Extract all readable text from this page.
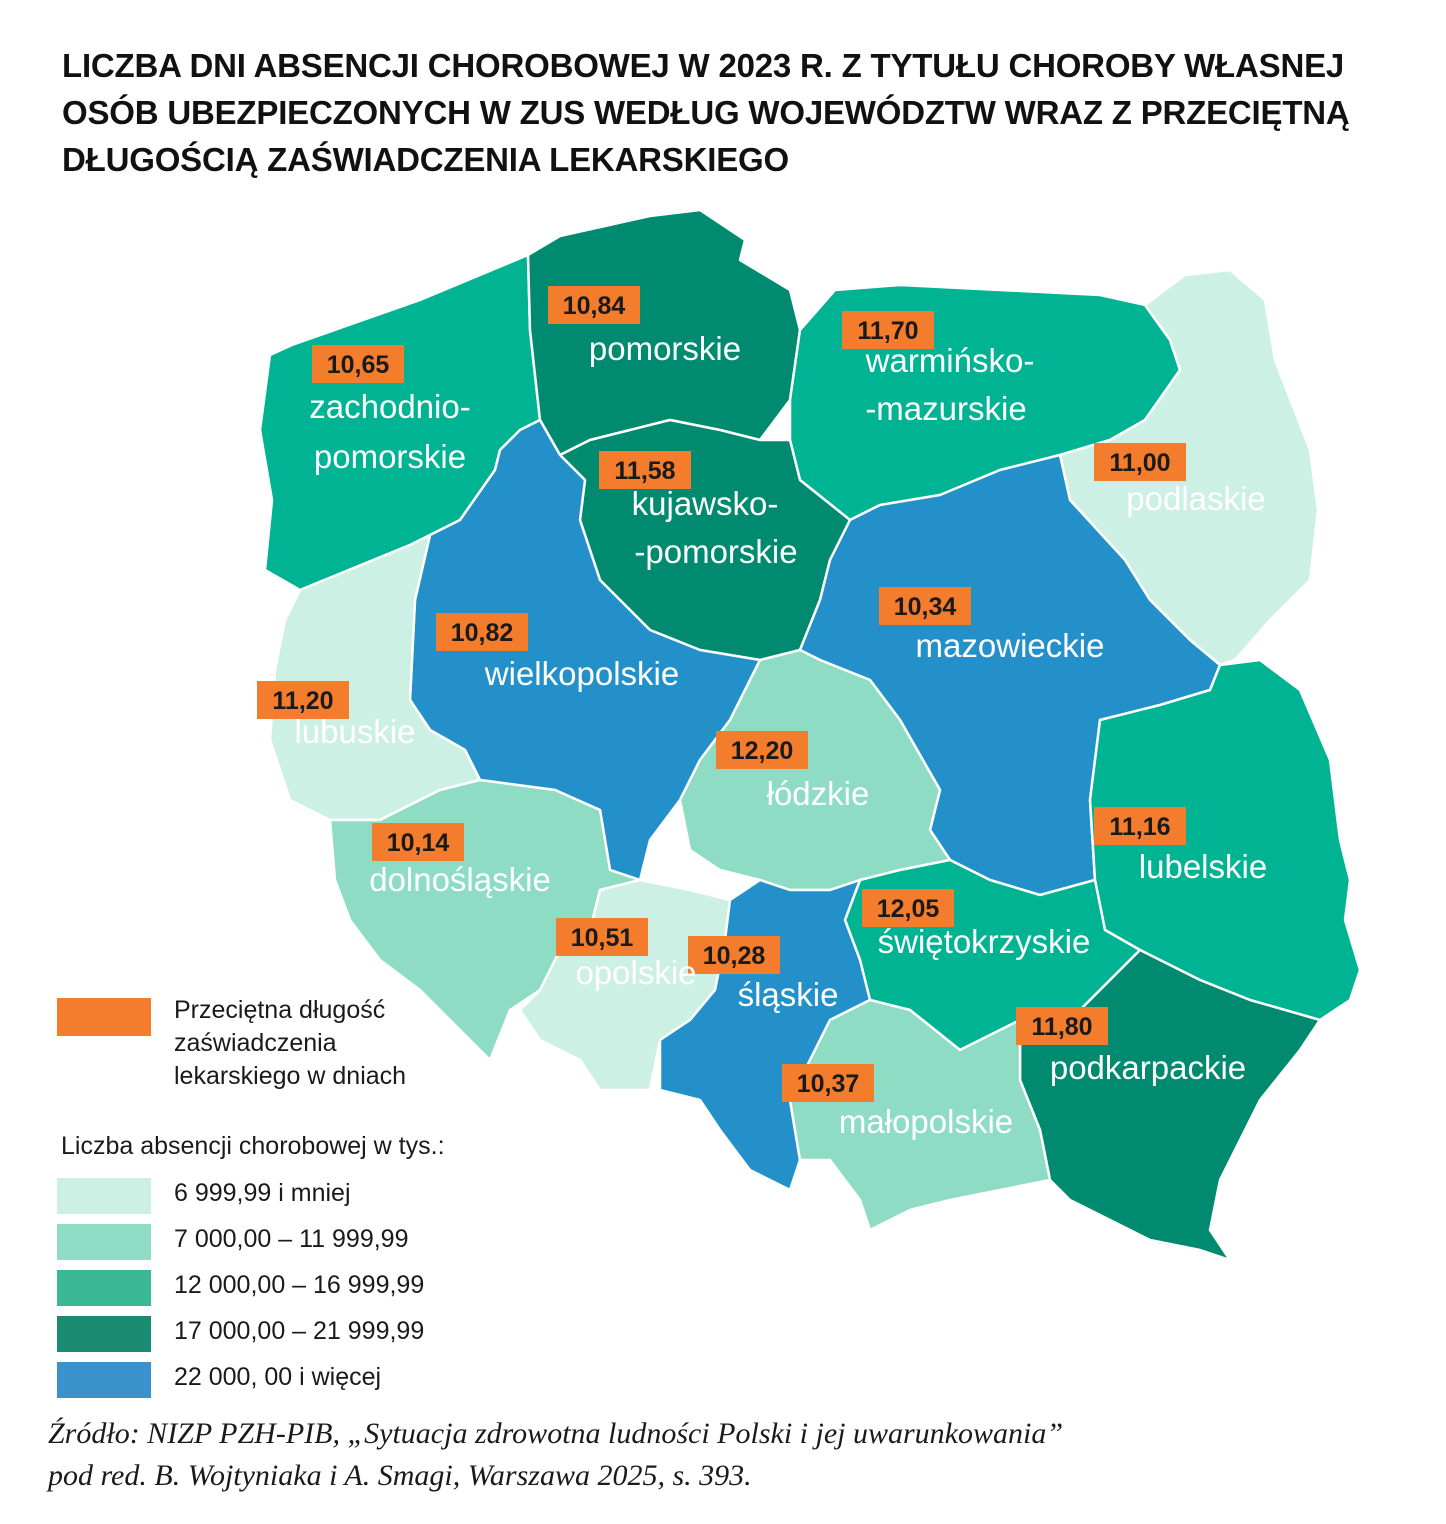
LICZBA DNI ABSENCJI CHOROBOWEJ W 2023 R. Z TYTUŁU CHOROBY WŁASNEJ
OSÓB UBEZPIECZONYCH W ZUS WEDŁUG WOJEWÓDZTW WRAZ Z PRZECIĘTNĄ
DŁUGOŚCIĄ ZAŚWIADCZENIA LEKARSKIEGO
10,65
10,84
11,70
11,00
11,58
10,82
10,34
11,20
12,20
11,16
10,14
12,05
10,51
10,28
11,80
10,37
zachodnio-
pomorskie
pomorskie	warmińsko-
-mazurskie
podlaskie
kujawsko-
-pomorskie
wielkopolskie
mazowieckie
lubuskie
łódzkie
lubelskie
dolnośląskie
świętokrzyskie
opolskie
śląskie
podkarpackie
małopolskie
Przeciętna długość
zaświadczenia
lekarskiego w dniach
Liczba absencji chorobowej w tys.:
6 999,99 i mniej
7 000,00 – 11 999,99
12 000,00 – 16 999,99
17 000,00 – 21 999,99
22 000, 00 i więcej
Źródło: NIZP PZH-PIB, „Sytuacja zdrowotna ludności Polski i jej uwarunkowania”
pod red. B. Wojtyniaka i A. Smagi, Warszawa 2025, s. 393.
